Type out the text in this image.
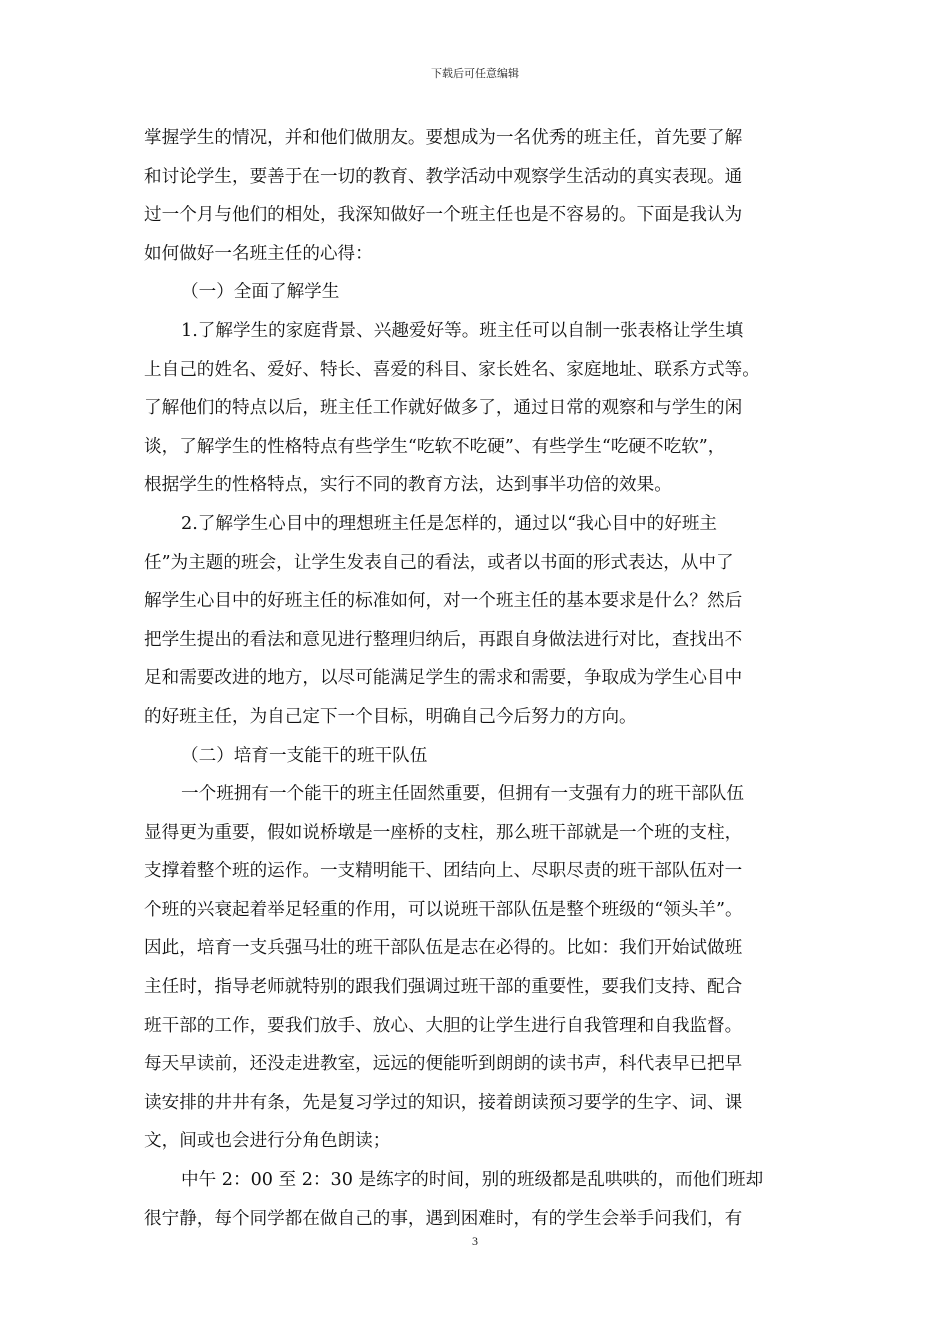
下载后可任意编辑
掌握学生的情况，并和他们做朋友。要想成为一名优秀的班主任，首先要了解
和讨论学生，要善于在一切的教育、教学活动中观察学生活动的真实表现。通
过一个月与他们的相处，我深知做好一个班主任也是不容易的。下面是我认为
如何做好一名班主任的心得：
（一）全面了解学生
1.了解学生的家庭背景、兴趣爱好等。班主任可以自制一张表格让学生填
上自己的姓名、爱好、特长、喜爱的科目、家长姓名、家庭地址、联系方式等。
了解他们的特点以后，班主任工作就好做多了，通过日常的观察和与学生的闲
谈，了解学生的性格特点有些学生“吃软不吃硬”、有些学生“吃硬不吃软”，
根据学生的性格特点，实行不同的教育方法，达到事半功倍的效果。
2.了解学生心目中的理想班主任是怎样的，通过以“我心目中的好班主
任”为主题的班会，让学生发表自己的看法，或者以书面的形式表达，从中了
解学生心目中的好班主任的标准如何，对一个班主任的基本要求是什么？然后
把学生提出的看法和意见进行整理归纳后，再跟自身做法进行对比，查找出不
足和需要改进的地方，以尽可能满足学生的需求和需要，争取成为学生心目中
的好班主任，为自己定下一个目标，明确自己今后努力的方向。
（二）培育一支能干的班干队伍
一个班拥有一个能干的班主任固然重要，但拥有一支强有力的班干部队伍
显得更为重要，假如说桥墩是一座桥的支柱，那么班干部就是一个班的支柱，
支撑着整个班的运作。一支精明能干、团结向上、尽职尽责的班干部队伍对一
个班的兴衰起着举足轻重的作用，可以说班干部队伍是整个班级的“领头羊”。
因此，培育一支兵强马壮的班干部队伍是志在必得的。比如：我们开始试做班
主任时，指导老师就特别的跟我们强调过班干部的重要性，要我们支持、配合
班干部的工作，要我们放手、放心、大胆的让学生进行自我管理和自我监督。
每天早读前，还没走进教室，远远的便能听到朗朗的读书声，科代表早已把早
读安排的井井有条，先是复习学过的知识，接着朗读预习要学的生字、词、课
文，间或也会进行分角色朗读；
中午 2：00 至 2：30 是练字的时间，别的班级都是乱哄哄的，而他们班却
很宁静，每个同学都在做自己的事，遇到困难时，有的学生会举手问我们，有
3
